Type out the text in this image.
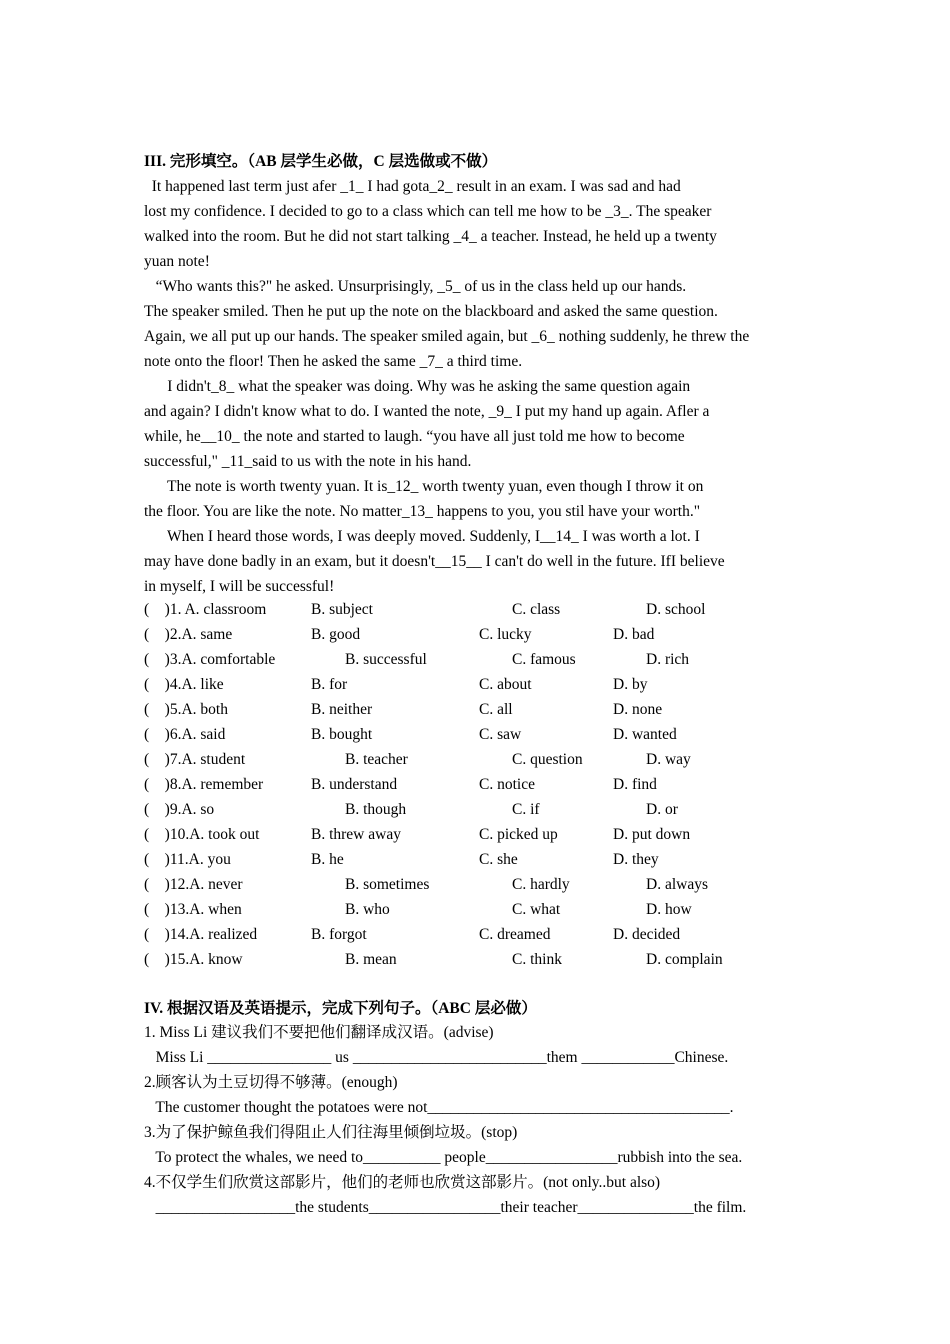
III. 完形填空。（AB 层学生必做，C 层选做或不做）
It happened last term just afer _1_ I had gota_2_ result in an exam. I was sad and had
lost my confidence. I decided to go to a class which can tell me how to be _3_. The speaker
walked into the room. But he did not start talking _4_ a teacher. Instead, he held up a twenty
yuan note!
“Who wants this?" he asked. Unsurprisingly, _5_ of us in the class held up our hands.
The speaker smiled. Then he put up the note on the blackboard and asked the same question.
Again, we all put up our hands. The speaker smiled again, but _6_ nothing suddenly, he threw the
note onto the floor! Then he asked the same _7_ a third time.
I didn't_8_ what the speaker was doing. Why was he asking the same question again
and again? I didn't know what to do. I wanted the note, _9_ I put my hand up again. Afler a
while, he__10_ the note and started to laugh. “you have all just told me how to become
successful," _11_said to us with the note in his hand.
The note is worth twenty yuan. It is_12_ worth twenty yuan, even though I throw it on
the floor. You are like the note. No matter_13_ happens to you, you stil have your worth."
When I heard those words, I was deeply moved. Suddenly, I__14_ I was worth a lot. I
may have done badly in an exam, but it doesn't__15__ I can't do well in the future. IfI believe
in myself, I will be successful!
(    )1. A. classroom	B. subject	C. class	D. school
(    )2.A. same	B. good	C. lucky	D. bad
(    )3.A. comfortable	B. successful	C. famous	D. rich
(    )4.A. like	B. for	C. about	D. by
(    )5.A. both	B. neither	C. all	D. none
(    )6.A. said	B. bought	C. saw	D. wanted
(    )7.A. student	B. teacher	C. question	D. way
(    )8.A. remember	B. understand	C. notice	D. find
(    )9.A. so	B. though	C. if	D. or
(    )10.A. took out	B. threw away	C. picked up	D. put down
(    )11.A. you	B. he	C. she	D. they
(    )12.A. never	B. sometimes	C. hardly	D. always
(    )13.A. when	B. who	C. what	D. how
(    )14.A. realized	B. forgot	C. dreamed	D. decided
(    )15.A. know	B. mean	C. think	D. complain
IV. 根据汉语及英语提示，完成下列句子。（ABC 层必做）
1. Miss Li 建议我们不要把他们翻译成汉语。(advise)
Miss Li ________________ us _________________________them ____________Chinese.
2.顾客认为土豆切得不够薄。(enough)
The customer thought the potatoes were not_______________________________________.
3.为了保护鲸鱼我们得阻止人们往海里倾倒垃圾。(stop)
To protect the whales, we need to__________ people_________________rubbish into the sea.
4.不仅学生们欣赏这部影片，他们的老师也欣赏这部影片。(not only..but also)
__________________the students_________________their teacher_______________the film.
